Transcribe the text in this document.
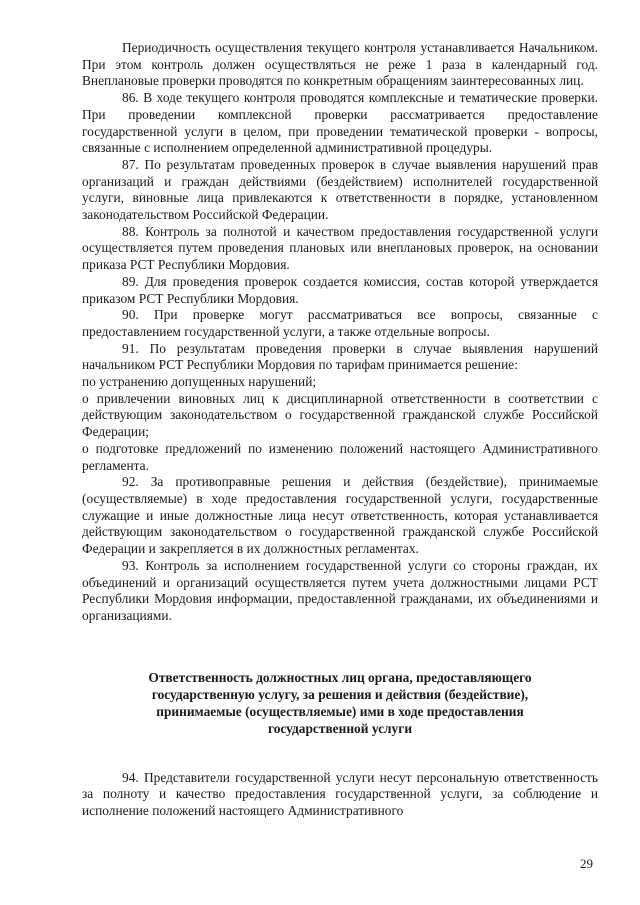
Периодичность осуществления текущего контроля устанавливается Начальником. При этом контроль должен осуществляться не реже 1 раза в календарный год. Внеплановые проверки проводятся по конкретным обращениям заинтересованных лиц.

86. В ходе текущего контроля проводятся комплексные и тематические проверки. При проведении комплексной проверки рассматривается предоставление государственной услуги в целом, при проведении тематической проверки - вопросы, связанные с исполнением определенной административной процедуры.

87. По результатам проведенных проверок в случае выявления нарушений прав организаций и граждан действиями (бездействием) исполнителей государственной услуги, виновные лица привлекаются к ответственности в порядке, установленном законодательством Российской Федерации.

88. Контроль за полнотой и качеством предоставления государственной услуги осуществляется путем проведения плановых или внеплановых проверок, на основании приказа РСТ Республики Мордовия.

89. Для проведения проверок создается комиссия, состав которой утверждается приказом РСТ Республики Мордовия.

90. При проверке могут рассматриваться все вопросы, связанные с предоставлением государственной услуги, а также отдельные вопросы.

91. По результатам проведения проверки в случае выявления нарушений начальником РСТ Республики Мордовия по тарифам принимается решение:

по устранению допущенных нарушений;

о привлечении виновных лиц к дисциплинарной ответственности в соответствии с действующим законодательством о государственной гражданской службе Российской Федерации;

о подготовке предложений по изменению положений настоящего Административного регламента.

92. За противоправные решения и действия (бездействие), принимаемые (осуществляемые) в ходе предоставления государственной услуги, государственные служащие и иные должностные лица несут ответственность, которая устанавливается действующим законодательством о государственной гражданской службе Российской Федерации и закрепляется в их должностных регламентах.

93. Контроль за исполнением государственной услуги со стороны граждан, их объединений и организаций осуществляется путем учета должностными лицами РСТ Республики Мордовия информации, предоставленной гражданами, их объединениями и организациями.

Ответственность должностных лиц органа, предоставляющего государственную услугу, за решения и действия (бездействие), принимаемые (осуществляемые) ими в ходе предоставления государственной услуги

94. Представители государственной услуги несут персональную ответственность за полноту и качество предоставления государственной услуги, за соблюдение и исполнение положений настоящего Административного

29
